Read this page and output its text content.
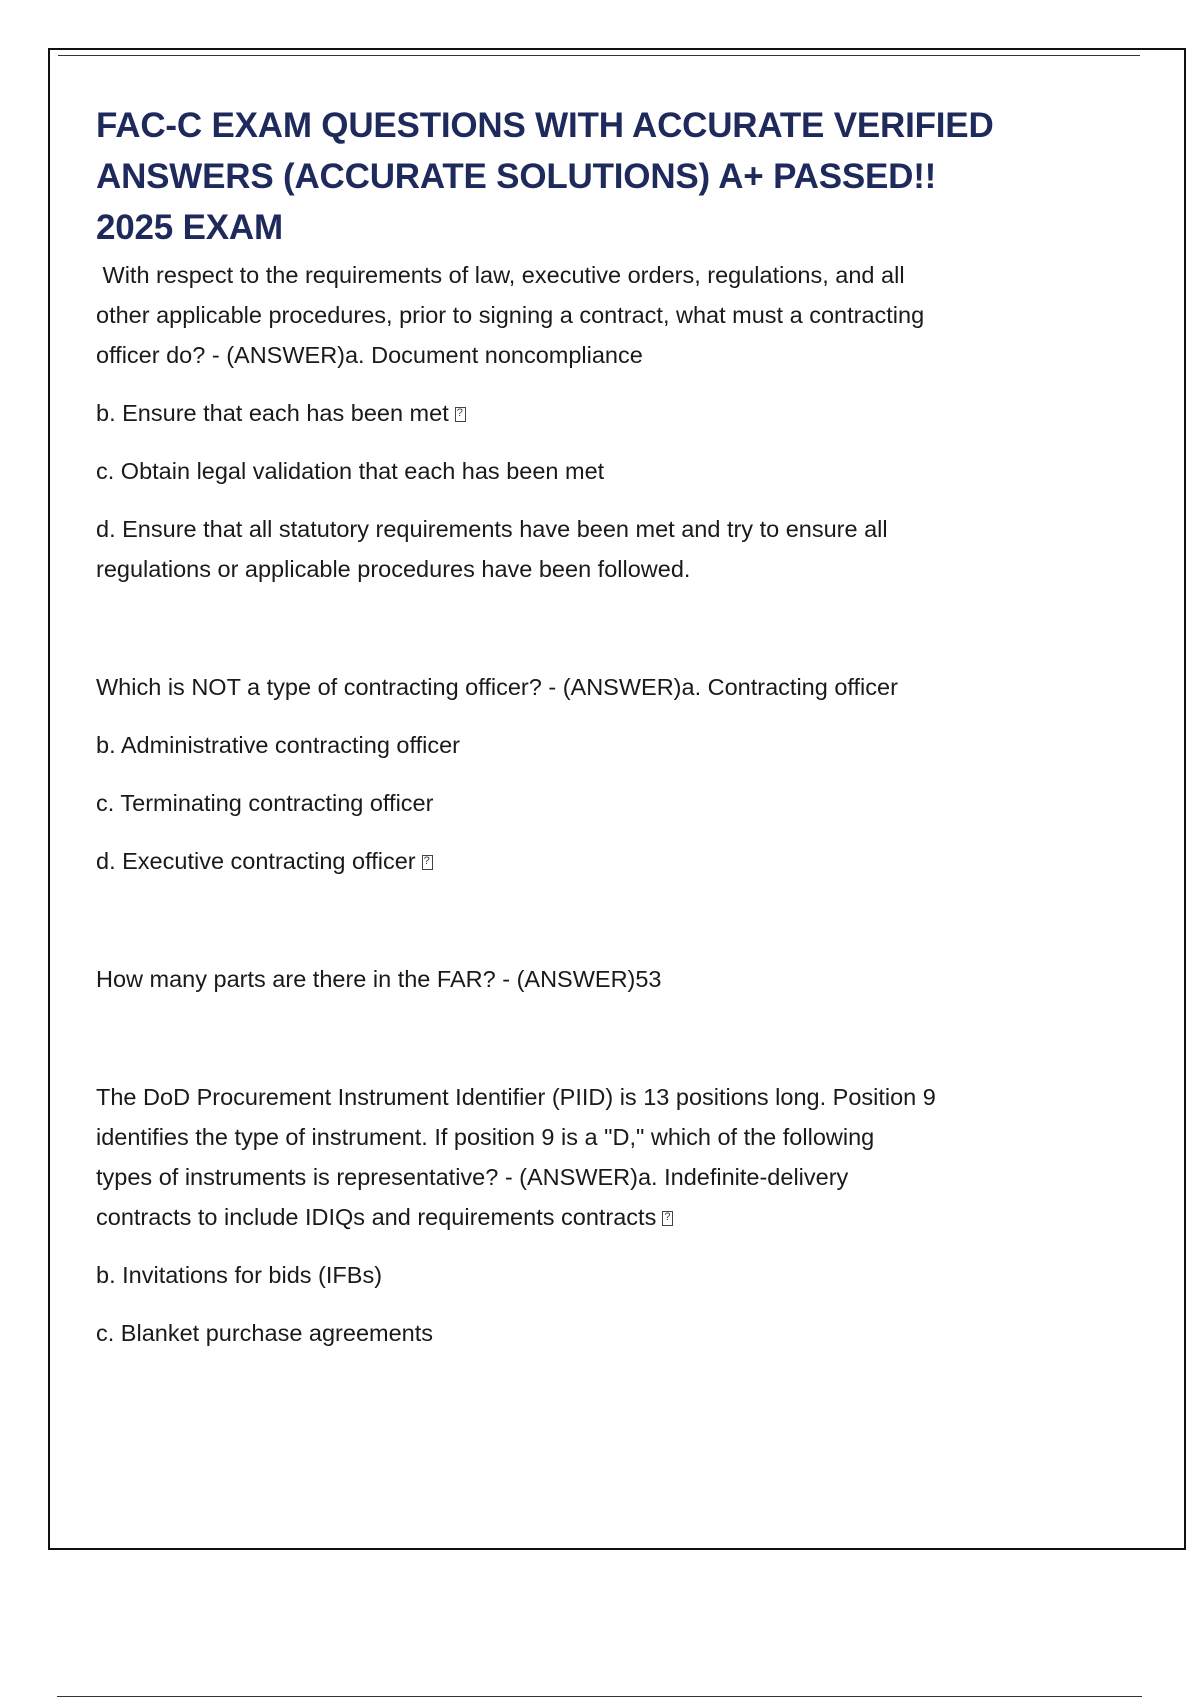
FAC-C EXAM QUESTIONS WITH ACCURATE VERIFIED
ANSWERS (ACCURATE SOLUTIONS) A+ PASSED!!
2025 EXAM

With respect to the requirements of law, executive orders, regulations, and all

other applicable procedures, prior to signing a contract, what must a contracting

officer do? - (ANSWER)a. Document noncompliance

b. Ensure that each has been met?

c. Obtain legal validation that each has been met

d. Ensure that all statutory requirements have been met and try to ensure all

regulations or applicable procedures have been followed.

Which is NOT a type of contracting officer? - (ANSWER)a. Contracting officer

b. Administrative contracting officer

c. Terminating contracting officer

d. Executive contracting officer?

How many parts are there in the FAR? - (ANSWER)53

The DoD Procurement Instrument Identifier (PIID) is 13 positions long. Position 9

identifies the type of instrument. If position 9 is a "D," which of the following

types of instruments is representative? - (ANSWER)a. Indefinite-delivery

contracts to include IDIQs and requirements contracts?

b. Invitations for bids (IFBs)

c. Blanket purchase agreements
